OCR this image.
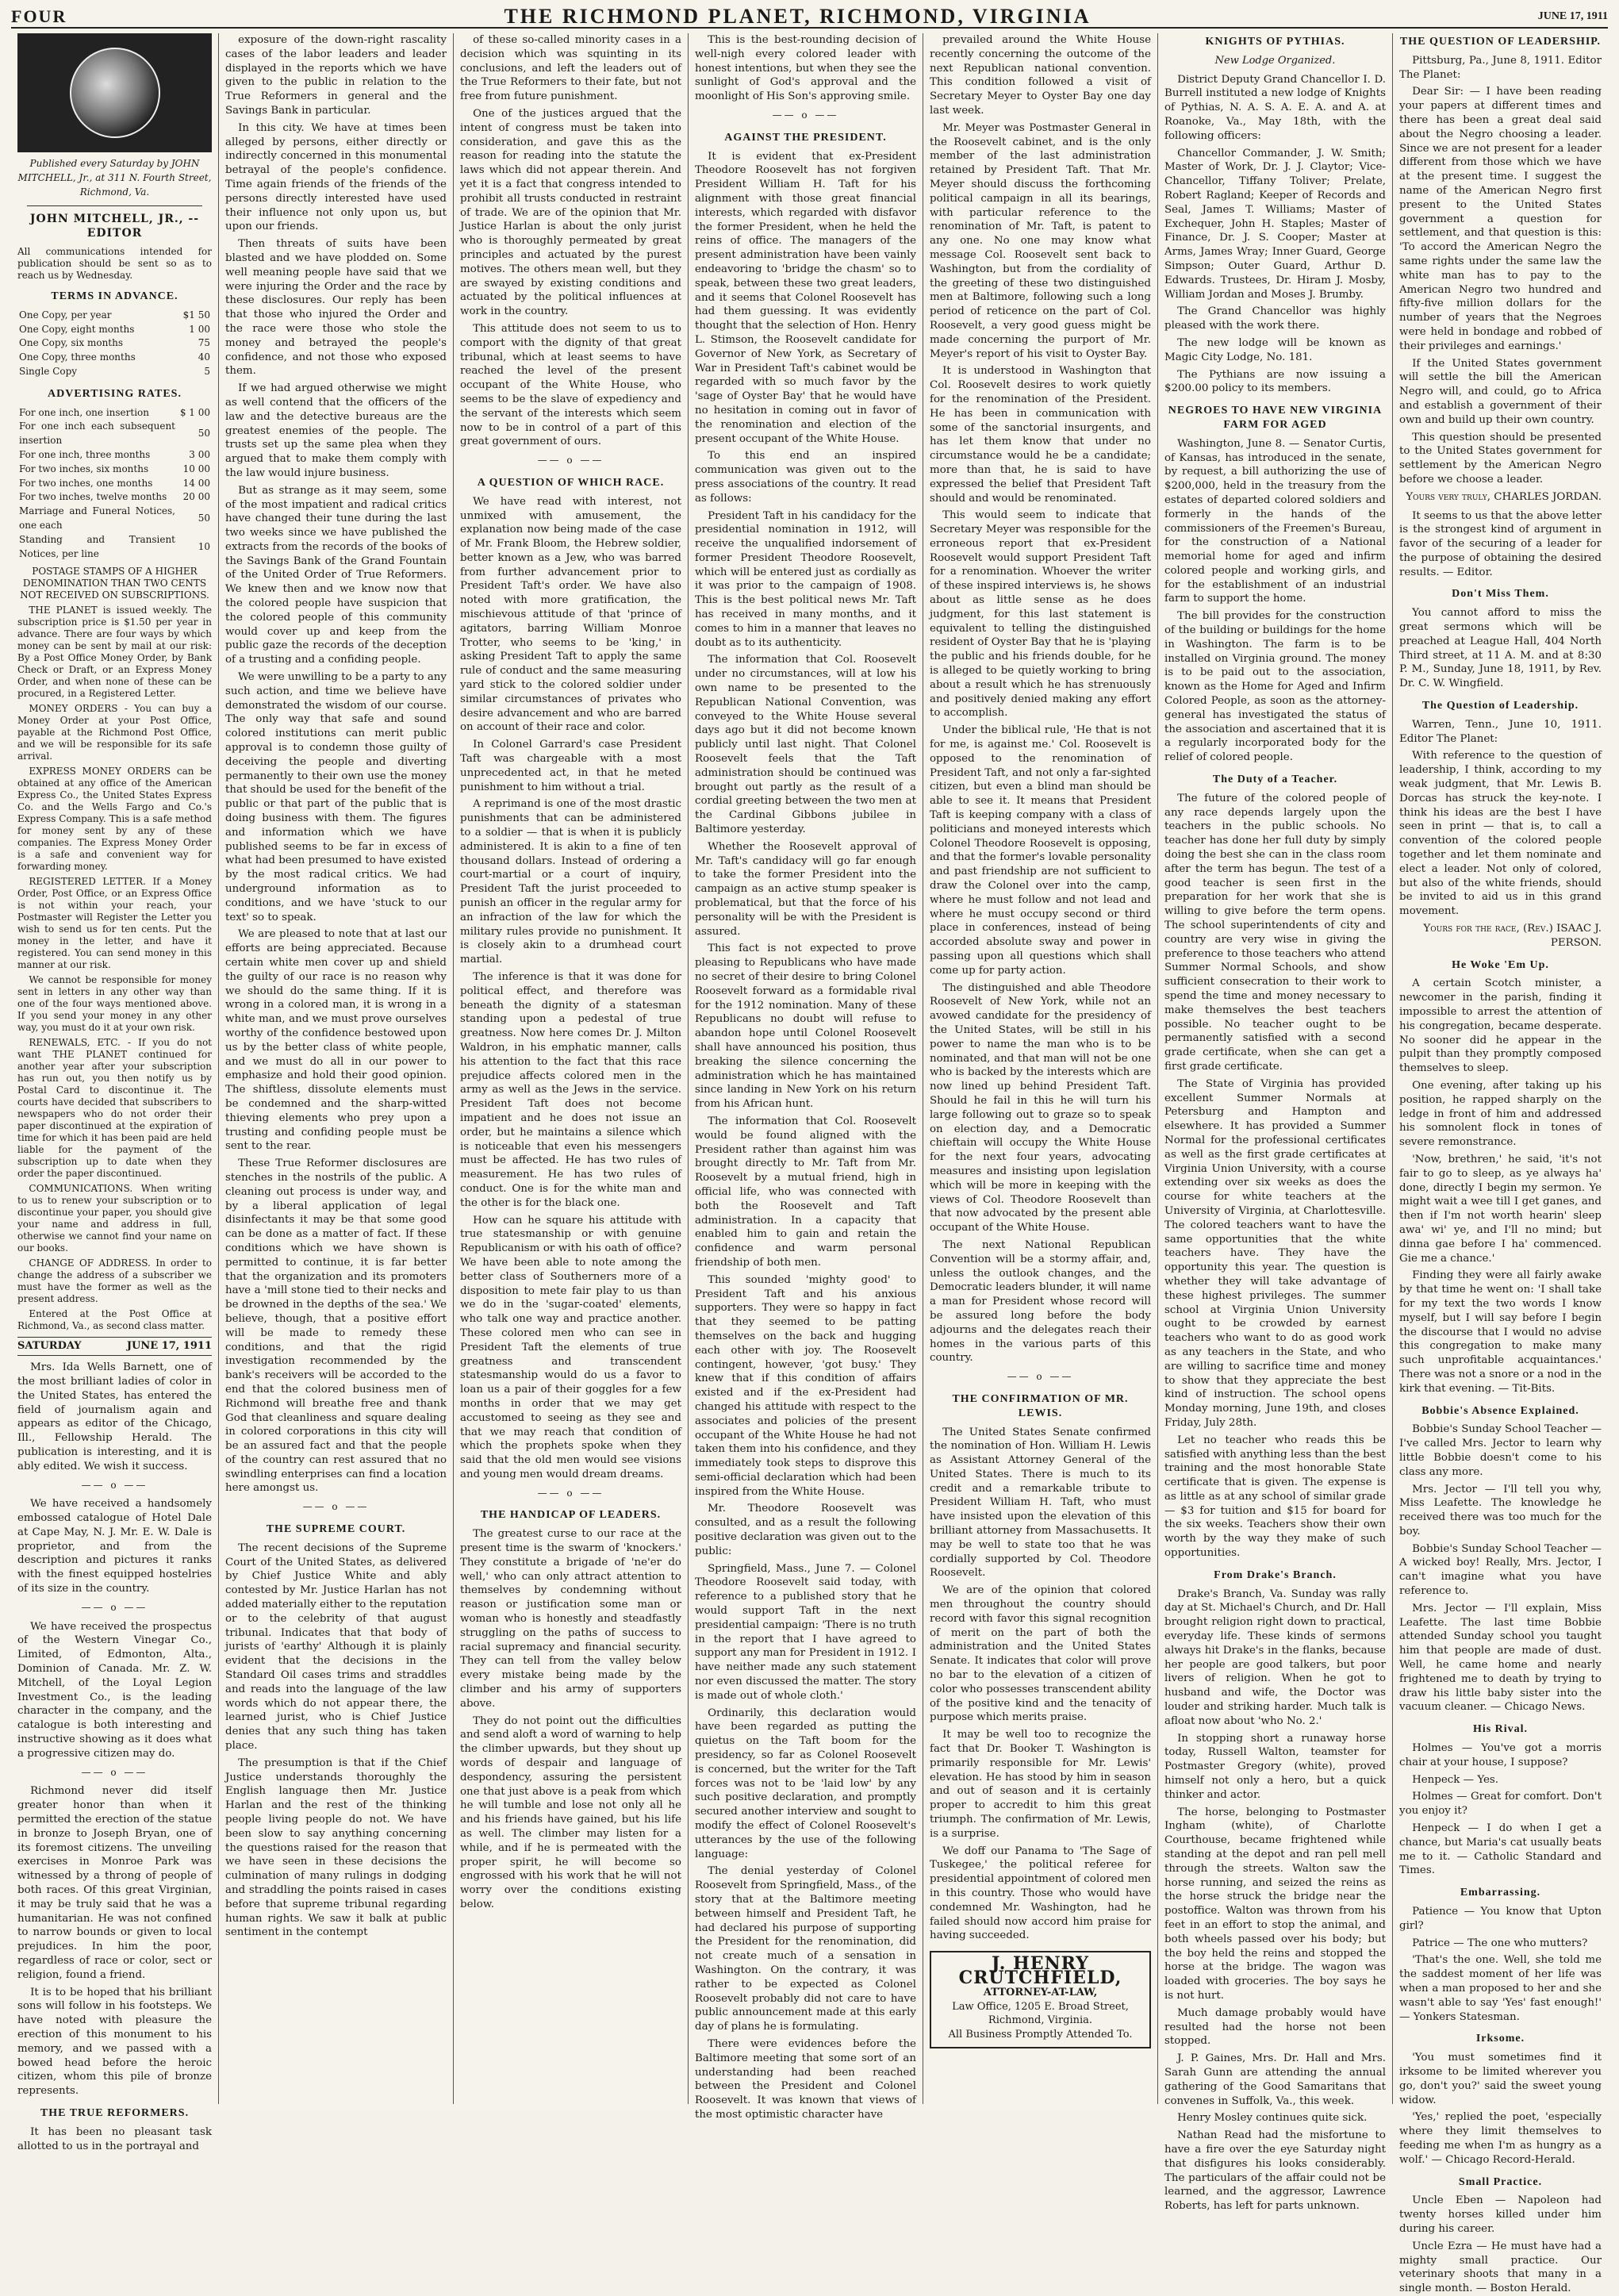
FOUR	THE RICHMOND PLANET, RICHMOND, VIRGINIA	JUNE 17, 1911
Published every Saturday by JOHN MITCHELL, Jr., at 311 N. Fourth Street, Richmond, Va.
JOHN MITCHELL, JR., -- EDITOR
All communications intended for publication should be sent so as to reach us by Wednesday.
TERMS IN ADVANCE.
One Copy, per year	$1 50
One Copy, eight months	1 00
One Copy, six months	75
One Copy, three months	40
Single Copy	5
ADVERTISING RATES.
For one inch, one insertion	$ 1 00
For one inch each subsequent insertion	50
For one inch, three months	3 00
For two inches, six months	10 00
For two inches, one months	14 00
For two inches, twelve months	20 00
Marriage and Funeral Notices, one each	50
Standing and Transient Notices, per line	10

POSTAGE STAMPS OF A HIGHER DENOMINATION THAN TWO CENTS NOT RECEIVED ON SUBSCRIPTIONS.

THE PLANET is issued weekly. The subscription price is $1.50 per year in advance. There are four ways by which money can be sent by mail at our risk: By a Post Office Money Order, by Bank Check or Draft, or an Express Money Order, and when none of these can be procured, in a Registered Letter.

MONEY ORDERS - You can buy a Money Order at your Post Office, payable at the Richmond Post Office, and we will be responsible for its safe arrival.

EXPRESS MONEY ORDERS can be obtained at any office of the American Express Co., the United States Express Co. and the Wells Fargo and Co.'s Express Company. This is a safe method for money sent by any of these companies. The Express Money Order is a safe and convenient way for forwarding money.

REGISTERED LETTER. If a Money Order, Post Office, or an Express Office is not within your reach, your Postmaster will Register the Letter you wish to send us for ten cents. Put the money in the letter, and have it registered. You can send money in this manner at our risk.

We cannot be responsible for money sent in letters in any other way than one of the four ways mentioned above. If you send your money in any other way, you must do it at your own risk.

RENEWALS, ETC. - If you do not want THE PLANET continued for another year after your subscription has run out, you then notify us by Postal Card to discontinue it. The courts have decided that subscribers to newspapers who do not order their paper discontinued at the expiration of time for which it has been paid are held liable for the payment of the subscription up to date when they order the paper discontinued.

COMMUNICATIONS. When writing to us to renew your subscription or to discontinue your paper, you should give your name and address in full, otherwise we cannot find your name on our books.

CHANGE OF ADDRESS. In order to change the address of a subscriber we must have the former as well as the present address.

Entered at the Post Office at Richmond, Va., as second class matter.

SATURDAY	JUNE 17, 1911

Mrs. Ida Wells Barnett, one of the most brilliant ladies of color in the United States, has entered the field of journalism again and appears as editor of the Chicago, Ill., Fellowship Herald. The publication is interesting, and it is ably edited. We wish it success.

—— o ——

We have received a handsomely embossed catalogue of Hotel Dale at Cape May, N. J. Mr. E. W. Dale is proprietor, and from the description and pictures it ranks with the finest equipped hostelries of its size in the country.

—— o ——

We have received the prospectus of the Western Vinegar Co., Limited, of Edmonton, Alta., Dominion of Canada. Mr. Z. W. Mitchell, of the Loyal Legion Investment Co., is the leading character in the company, and the catalogue is both interesting and instructive showing as it does what a progressive citizen may do.

—— o ——

Richmond never did itself greater honor than when it permitted the erection of the statue in bronze to Joseph Bryan, one of its foremost citizens. The unveiling exercises in Monroe Park was witnessed by a throng of people of both races. Of this great Virginian, it may be truly said that he was a humanitarian. He was not confined to narrow bounds or given to local prejudices. In him the poor, regardless of race or color, sect or religion, found a friend.

It is to be hoped that his brilliant sons will follow in his footsteps. We have noted with pleasure the erection of this monument to his memory, and we passed with a bowed head before the heroic citizen, whom this pile of bronze represents.

THE TRUE REFORMERS.

It has been no pleasant task allotted to us in the portrayal and

exposure of the down-right rascality cases of the labor leaders and leader displayed in the reports which we have given to the public in relation to the True Reformers in general and the Savings Bank in particular.

In this city. We have at times been alleged by persons, either directly or indirectly concerned in this monumental betrayal of the people's confidence. Time again friends of the friends of the persons directly interested have used their influence not only upon us, but upon our friends.

Then threats of suits have been blasted and we have plodded on. Some well meaning people have said that we were injuring the Order and the race by these disclosures. Our reply has been that those who injured the Order and the race were those who stole the money and betrayed the people's confidence, and not those who exposed them.

If we had argued otherwise we might as well contend that the officers of the law and the detective bureaus are the greatest enemies of the people. The trusts set up the same plea when they argued that to make them comply with the law would injure business.

But as strange as it may seem, some of the most impatient and radical critics have changed their tune during the last two weeks since we have published the extracts from the records of the books of the Savings Bank of the Grand Fountain of the United Order of True Reformers. We knew then and we know now that the colored people have suspicion that the colored people of this community would cover up and keep from the public gaze the records of the deception of a trusting and a confiding people.

We were unwilling to be a party to any such action, and time we believe have demonstrated the wisdom of our course. The only way that safe and sound colored institutions can merit public approval is to condemn those guilty of deceiving the people and diverting permanently to their own use the money that should be used for the benefit of the public or that part of the public that is doing business with them. The figures and information which we have published seems to be far in excess of what had been presumed to have existed by the most radical critics. We had underground information as to conditions, and we have 'stuck to our text' so to speak.

We are pleased to note that at last our efforts are being appreciated. Because certain white men cover up and shield the guilty of our race is no reason why we should do the same thing. If it is wrong in a colored man, it is wrong in a white man, and we must prove ourselves worthy of the confidence bestowed upon us by the better class of white people, and we must do all in our power to emphasize and hold their good opinion. The shiftless, dissolute elements must be condemned and the sharp-witted thieving elements who prey upon a trusting and confiding people must be sent to the rear.

These True Reformer disclosures are stenches in the nostrils of the public. A cleaning out process is under way, and by a liberal application of legal disinfectants it may be that some good can be done as a matter of fact. If these conditions which we have shown is permitted to continue, it is far better that the organization and its promoters have a 'mill stone tied to their necks and be drowned in the depths of the sea.' We believe, though, that a positive effort will be made to remedy these conditions, and that the rigid investigation recommended by the bank's receivers will be accorded to the end that the colored business men of Richmond will breathe free and thank God that cleanliness and square dealing in colored corporations in this city will be an assured fact and that the people of the country can rest assured that no swindling enterprises can find a location here amongst us.

—— o ——
THE SUPREME COURT.

The recent decisions of the Supreme Court of the United States, as delivered by Chief Justice White and ably contested by Mr. Justice Harlan has not added materially either to the reputation or to the celebrity of that august tribunal. Indicates that that body of jurists of 'earthy' Although it is plainly evident that the decisions in the Standard Oil cases trims and straddles and reads into the language of the law words which do not appear there, the learned jurist, who is Chief Justice denies that any such thing has taken place.

The presumption is that if the Chief Justice understands thoroughly the English language then Mr. Justice Harlan and the rest of the thinking people living people do not. We have been slow to say anything concerning the questions raised for the reason that we have seen in these decisions the culmination of many rulings in dodging and straddling the points raised in cases before that supreme tribunal regarding human rights. We saw it balk at public sentiment in the contempt

of these so-called minority cases in a decision which was squinting in its conclusions, and left the leaders out of the True Reformers to their fate, but not free from future punishment.

One of the justices argued that the intent of congress must be taken into consideration, and gave this as the reason for reading into the statute the laws which did not appear therein. And yet it is a fact that congress intended to prohibit all trusts conducted in restraint of trade. We are of the opinion that Mr. Justice Harlan is about the only jurist who is thoroughly permeated by great principles and actuated by the purest motives. The others mean well, but they are swayed by existing conditions and actuated by the political influences at work in the country.

This attitude does not seem to us to comport with the dignity of that great tribunal, which at least seems to have reached the level of the present occupant of the White House, who seems to be the slave of expediency and the servant of the interests which seem now to be in control of a part of this great government of ours.

—— o ——
A QUESTION OF WHICH RACE.

We have read with interest, not unmixed with amusement, the explanation now being made of the case of Mr. Frank Bloom, the Hebrew soldier, better known as a Jew, who was barred from further advancement prior to President Taft's order. We have also noted with more gratification, the mischievous attitude of that 'prince of agitators, barring William Monroe Trotter, who seems to be 'king,' in asking President Taft to apply the same rule of conduct and the same measuring yard stick to the colored soldier under similar circumstances of privates who desire advancement and who are barred on account of their race and color.

In Colonel Garrard's case President Taft was chargeable with a most unprecedented act, in that he meted punishment to him without a trial.

A reprimand is one of the most drastic punishments that can be administered to a soldier — that is when it is publicly administered. It is akin to a fine of ten thousand dollars. Instead of ordering a court-martial or a court of inquiry, President Taft the jurist proceeded to punish an officer in the regular army for an infraction of the law for which the military rules provide no punishment. It is closely akin to a drumhead court martial.

The inference is that it was done for political effect, and therefore was beneath the dignity of a statesman standing upon a pedestal of true greatness. Now here comes Dr. J. Milton Waldron, in his emphatic manner, calls his attention to the fact that this race prejudice affects colored men in the army as well as the Jews in the service. President Taft does not become impatient and he does not issue an order, but he maintains a silence which is noticeable that even his messengers must be affected. He has two rules of measurement. He has two rules of conduct. One is for the white man and the other is for the black one.

How can he square his attitude with true statesmanship or with genuine Republicanism or with his oath of office? We have been able to note among the better class of Southerners more of a disposition to mete fair play to us than we do in the 'sugar-coated' elements, who talk one way and practice another. These colored men who can see in President Taft the elements of true greatness and transcendent statesmanship would do us a favor to loan us a pair of their goggles for a few months in order that we may get accustomed to seeing as they see and that we may reach that condition of which the prophets spoke when they said that the old men would see visions and young men would dream dreams.

—— o ——
THE HANDICAP OF LEADERS.

The greatest curse to our race at the present time is the swarm of 'knockers.' They constitute a brigade of 'ne'er do well,' who can only attract attention to themselves by condemning without reason or justification some man or woman who is honestly and steadfastly struggling on the paths of success to racial supremacy and financial security. They can tell from the valley below every mistake being made by the climber and his army of supporters above.

They do not point out the difficulties and send aloft a word of warning to help the climber upwards, but they shout up words of despair and language of despondency, assuring the persistent one that just above is a peak from which he will tumble and lose not only all he and his friends have gained, but his life as well. The climber may listen for a while, and if he is permeated with the proper spirit, he will become so engrossed with his work that he will not worry over the conditions existing below.

This is the best-rounding decision of well-nigh every colored leader with honest intentions, but when they see the sunlight of God's approval and the moonlight of His Son's approving smile.

—— o ——
AGAINST THE PRESIDENT.

It is evident that ex-President Theodore Roosevelt has not forgiven President William H. Taft for his alignment with those great financial interests, which regarded with disfavor the former President, when he held the reins of office. The managers of the present administration have been vainly endeavoring to 'bridge the chasm' so to speak, between these two great leaders, and it seems that Colonel Roosevelt has had them guessing. It was evidently thought that the selection of Hon. Henry L. Stimson, the Roosevelt candidate for Governor of New York, as Secretary of War in President Taft's cabinet would be regarded with so much favor by the 'sage of Oyster Bay' that he would have no hesitation in coming out in favor of the renomination and election of the present occupant of the White House.

To this end an inspired communication was given out to the press associations of the country. It read as follows:

President Taft in his candidacy for the presidential nomination in 1912, will receive the unqualified indorsement of former President Theodore Roosevelt, which will be entered just as cordially as it was prior to the campaign of 1908. This is the best political news Mr. Taft has received in many months, and it comes to him in a manner that leaves no doubt as to its authenticity.

The information that Col. Roosevelt under no circumstances, will at low his own name to be presented to the Republican National Convention, was conveyed to the White House several days ago but it did not become known publicly until last night. That Colonel Roosevelt feels that the Taft administration should be continued was brought out partly as the result of a cordial greeting between the two men at the Cardinal Gibbons jubilee in Baltimore yesterday.

Whether the Roosevelt approval of Mr. Taft's candidacy will go far enough to take the former President into the campaign as an active stump speaker is problematical, but that the force of his personality will be with the President is assured.

This fact is not expected to prove pleasing to Republicans who have made no secret of their desire to bring Colonel Roosevelt forward as a formidable rival for the 1912 nomination. Many of these Republicans no doubt will refuse to abandon hope until Colonel Roosevelt shall have announced his position, thus breaking the silence concerning the administration which he has maintained since landing in New York on his return from his African hunt.

The information that Col. Roosevelt would be found aligned with the President rather than against him was brought directly to Mr. Taft from Mr. Roosevelt by a mutual friend, high in official life, who was connected with both the Roosevelt and Taft administration. In a capacity that enabled him to gain and retain the confidence and warm personal friendship of both men.

This sounded 'mighty good' to President Taft and his anxious supporters. They were so happy in fact that they seemed to be patting themselves on the back and hugging each other with joy. The Roosevelt contingent, however, 'got busy.' They knew that if this condition of affairs existed and if the ex-President had changed his attitude with respect to the associates and policies of the present occupant of the White House he had not taken them into his confidence, and they immediately took steps to disprove this semi-official declaration which had been inspired from the White House.

Mr. Theodore Roosevelt was consulted, and as a result the following positive declaration was given out to the public:

Springfield, Mass., June 7. — Colonel Theodore Roosevelt said today, with reference to a published story that he would support Taft in the next presidential campaign: 'There is no truth in the report that I have agreed to support any man for President in 1912. I have neither made any such statement nor even discussed the matter. The story is made out of whole cloth.'

Ordinarily, this declaration would have been regarded as putting the quietus on the Taft boom for the presidency, so far as Colonel Roosevelt is concerned, but the writer for the Taft forces was not to be 'laid low' by any such positive declaration, and promptly secured another interview and sought to modify the effect of Colonel Roosevelt's utterances by the use of the following language:

The denial yesterday of Colonel Roosevelt from Springfield, Mass., of the story that at the Baltimore meeting between himself and President Taft, he had declared his purpose of supporting the President for the renomination, did not create much of a sensation in Washington. On the contrary, it was rather to be expected as Colonel Roosevelt probably did not care to have public announcement made at this early day of plans he is formulating.

There were evidences before the Baltimore meeting that some sort of an understanding had been reached between the President and Colonel Roosevelt. It was known that views of the most optimistic character have

prevailed around the White House recently concerning the outcome of the next Republican national convention. This condition followed a visit of Secretary Meyer to Oyster Bay one day last week.

Mr. Meyer was Postmaster General in the Roosevelt cabinet, and is the only member of the last administration retained by President Taft. That Mr. Meyer should discuss the forthcoming political campaign in all its bearings, with particular reference to the renomination of Mr. Taft, is patent to any one. No one may know what message Col. Roosevelt sent back to Washington, but from the cordiality of the greeting of these two distinguished men at Baltimore, following such a long period of reticence on the part of Col. Roosevelt, a very good guess might be made concerning the purport of Mr. Meyer's report of his visit to Oyster Bay.

It is understood in Washington that Col. Roosevelt desires to work quietly for the renomination of the President. He has been in communication with some of the sanctorial insurgents, and has let them know that under no circumstance would he be a candidate; more than that, he is said to have expressed the belief that President Taft should and would be renominated.

This would seem to indicate that Secretary Meyer was responsible for the erroneous report that ex-President Roosevelt would support President Taft for a renomination. Whoever the writer of these inspired interviews is, he shows about as little sense as he does judgment, for this last statement is equivalent to telling the distinguished resident of Oyster Bay that he is 'playing the public and his friends double, for he is alleged to be quietly working to bring about a result which he has strenuously and positively denied making any effort to accomplish.

Under the biblical rule, 'He that is not for me, is against me.' Col. Roosevelt is opposed to the renomination of President Taft, and not only a far-sighted citizen, but even a blind man should be able to see it. It means that President Taft is keeping company with a class of politicians and moneyed interests which Colonel Theodore Roosevelt is opposing, and that the former's lovable personality and past friendship are not sufficient to draw the Colonel over into the camp, where he must follow and not lead and where he must occupy second or third place in conferences, instead of being accorded absolute sway and power in passing upon all questions which shall come up for party action.

The distinguished and able Theodore Roosevelt of New York, while not an avowed candidate for the presidency of the United States, will be still in his power to name the man who is to be nominated, and that man will not be one who is backed by the interests which are now lined up behind President Taft. Should he fail in this he will turn his large following out to graze so to speak on election day, and a Democratic chieftain will occupy the White House for the next four years, advocating measures and insisting upon legislation which will be more in keeping with the views of Col. Theodore Roosevelt than that now advocated by the present able occupant of the White House.

The next National Republican Convention will be a stormy affair, and, unless the outlook changes, and the Democratic leaders blunder, it will name a man for President whose record will be assured long before the body adjourns and the delegates reach their homes in the various parts of this country.

—— o ——
THE CONFIRMATION OF MR. LEWIS.

The United States Senate confirmed the nomination of Hon. William H. Lewis as Assistant Attorney General of the United States. There is much to its credit and a remarkable tribute to President William H. Taft, who must have insisted upon the elevation of this brilliant attorney from Massachusetts. It may be well to state too that he was cordially supported by Col. Theodore Roosevelt.

We are of the opinion that colored men throughout the country should record with favor this signal recognition of merit on the part of both the administration and the United States Senate. It indicates that color will prove no bar to the elevation of a citizen of color who possesses transcendent ability of the positive kind and the tenacity of purpose which merits praise.

It may be well too to recognize the fact that Dr. Booker T. Washington is primarily responsible for Mr. Lewis' elevation. He has stood by him in season and out of season and it is certainly proper to accredit to him this great triumph. The confirmation of Mr. Lewis, is a surprise.

We doff our Panama to 'The Sage of Tuskegee,' the political referee for presidential appointment of colored men in this country. Those who would have condemned Mr. Washington, had he failed should now accord him praise for having succeeded.

J. HENRY CRUTCHFIELD,
ATTORNEY-AT-LAW,
Law Office, 1205 E. Broad Street,
Richmond, Virginia.
All Business Promptly Attended To.
KNIGHTS OF PYTHIAS.
New Lodge Organized.

District Deputy Grand Chancellor I. D. Burrell instituted a new lodge of Knights of Pythias, N. A. S. A. E. A. and A. at Roanoke, Va., May 18th, with the following officers:

Chancellor Commander, J. W. Smith; Master of Work, Dr. J. J. Claytor; Vice-Chancellor, Tiffany Toliver; Prelate, Robert Ragland; Keeper of Records and Seal, James T. Williams; Master of Exchequer, John H. Staples; Master of Finance, Dr. J. S. Cooper; Master at Arms, James Wray; Inner Guard, George Simpson; Outer Guard, Arthur D. Edwards. Trustees, Dr. Hiram J. Mosby, William Jordan and Moses J. Brumby.

The Grand Chancellor was highly pleased with the work there.

The new lodge will be known as Magic City Lodge, No. 181.

The Pythians are now issuing a $200.00 policy to its members.

NEGROES TO HAVE NEW VIRGINIA FARM FOR AGED

Washington, June 8. — Senator Curtis, of Kansas, has introduced in the senate, by request, a bill authorizing the use of $200,000, held in the treasury from the estates of departed colored soldiers and formerly in the hands of the commissioners of the Freemen's Bureau, for the construction of a National memorial home for aged and infirm colored people and working girls, and for the establishment of an industrial farm to support the home.

The bill provides for the construction of the building or buildings for the home in Washington. The farm is to be installed on Virginia ground. The money is to be paid out to the association, known as the Home for Aged and Infirm Colored People, as soon as the attorney-general has investigated the status of the association and ascertained that it is a regularly incorporated body for the relief of colored people.

The Duty of a Teacher.

The future of the colored people of any race depends largely upon the teachers in the public schools. No teacher has done her full duty by simply doing the best she can in the class room after the term has begun. The test of a good teacher is seen first in the preparation for her work that she is willing to give before the term opens. The school superintendents of city and country are very wise in giving the preference to those teachers who attend Summer Normal Schools, and show sufficient consecration to their work to spend the time and money necessary to make themselves the best teachers possible. No teacher ought to be permanently satisfied with a second grade certificate, when she can get a first grade certificate.

The State of Virginia has provided excellent Summer Normals at Petersburg and Hampton and elsewhere. It has provided a Summer Normal for the professional certificates as well as the first grade certificates at Virginia Union University, with a course extending over six weeks as does the course for white teachers at the University of Virginia, at Charlottesville. The colored teachers want to have the same opportunities that the white teachers have. They have the opportunity this year. The question is whether they will take advantage of these highest privileges. The summer school at Virginia Union University ought to be crowded by earnest teachers who want to do as good work as any teachers in the State, and who are willing to sacrifice time and money to show that they appreciate the best kind of instruction. The school opens Monday morning, June 19th, and closes Friday, July 28th.

Let no teacher who reads this be satisfied with anything less than the best training and the most honorable State certificate that is given. The expense is as little as at any school of similar grade — $3 for tuition and $15 for board for the six weeks. Teachers show their own worth by the way they make of such opportunities.

From Drake's Branch.

Drake's Branch, Va. Sunday was rally day at St. Michael's Church, and Dr. Hall brought religion right down to practical, everyday life. These kinds of sermons always hit Drake's in the flanks, because her people are good talkers, but poor livers of religion. When he got to husband and wife, the Doctor was louder and striking harder. Much talk is afloat now about 'who No. 2.'

In stopping short a runaway horse today, Russell Walton, teamster for Postmaster Gregory (white), proved himself not only a hero, but a quick thinker and actor.

The horse, belonging to Postmaster Ingham (white), of Charlotte Courthouse, became frightened while standing at the depot and ran pell mell through the streets. Walton saw the horse running, and seized the reins as the horse struck the bridge near the postoffice. Walton was thrown from his feet in an effort to stop the animal, and both wheels passed over his body; but the boy held the reins and stopped the horse at the bridge. The wagon was loaded with groceries. The boy says he is not hurt.

Much damage probably would have resulted had the horse not been stopped.

J. P. Gaines, Mrs. Dr. Hall and Mrs. Sarah Gunn are attending the annual gathering of the Good Samaritans that convenes in Suffolk, Va., this week.

Henry Mosley continues quite sick.

Nathan Read had the misfortune to have a fire over the eye Saturday night that disfigures his looks considerably. The particulars of the affair could not be learned, and the aggressor, Lawrence Roberts, has left for parts unknown.

THE QUESTION OF LEADERSHIP.

Pittsburg, Pa., June 8, 1911. Editor The Planet:

Dear Sir: — I have been reading your papers at different times and there has been a great deal said about the Negro choosing a leader. Since we are not present for a leader different from those which we have at the present time. I suggest the name of the American Negro first present to the United States government a question for settlement, and that question is this: 'To accord the American Negro the same rights under the same law the white man has to pay to the American Negro two hundred and fifty-five million dollars for the number of years that the Negroes were held in bondage and robbed of their privileges and earnings.'

If the United States government will settle the bill the American Negro will, and could, go to Africa and establish a government of their own and build up their own country.

This question should be presented to the United States government for settlement by the American Negro before we choose a leader.

Yours very truly, CHARLES JORDAN.

It seems to us that the above letter is the strongest kind of argument in favor of the securing of a leader for the purpose of obtaining the desired results. — Editor.

Don't Miss Them.

You cannot afford to miss the great sermons which will be preached at League Hall, 404 North Third street, at 11 A. M. and at 8:30 P. M., Sunday, June 18, 1911, by Rev. Dr. C. W. Wingfield.

The Question of Leadership.

Warren, Tenn., June 10, 1911. Editor The Planet:

With reference to the question of leadership, I think, according to my weak judgment, that Mr. Lewis B. Dorcas has struck the key-note. I think his ideas are the best I have seen in print — that is, to call a convention of the colored people together and let them nominate and elect a leader. Not only of colored, but also of the white friends, should be invited to aid us in this grand movement.

Yours for the race, (Rev.) ISAAC J. PERSON.
He Woke 'Em Up.

A certain Scotch minister, a newcomer in the parish, finding it impossible to arrest the attention of his congregation, became desperate. No sooner did he appear in the pulpit than they promptly composed themselves to sleep.

One evening, after taking up his position, he rapped sharply on the ledge in front of him and addressed his somnolent flock in tones of severe remonstrance.

'Now, brethren,' he said, 'it's not fair to go to sleep, as ye always ha' done, directly I begin my sermon. Ye might wait a wee till I get ganes, and then if I'm not worth hearin' sleep awa' wi' ye, and I'll no mind; but dinna gae before I ha' commenced. Gie me a chance.'

Finding they were all fairly awake by that time he went on: 'I shall take for my text the two words I know myself, but I will say before I begin the discourse that I would no advise this congregation to make many such unprofitable acquaintances.' There was not a snore or a nod in the kirk that evening. — Tit-Bits.

Bobbie's Absence Explained.

Bobbie's Sunday School Teacher — I've called Mrs. Jector to learn why little Bobbie doesn't come to his class any more.

Mrs. Jector — I'll tell you why, Miss Leafette. The knowledge he received there was too much for the boy.

Bobbie's Sunday School Teacher — A wicked boy! Really, Mrs. Jector, I can't imagine what you have reference to.

Mrs. Jector — I'll explain, Miss Leafette. The last time Bobbie attended Sunday school you taught him that people are made of dust. Well, he came home and nearly frightened me to death by trying to draw his little baby sister into the vacuum cleaner. — Chicago News.

His Rival.

Holmes — You've got a morris chair at your house, I suppose?

Henpeck — Yes.

Holmes — Great for comfort. Don't you enjoy it?

Henpeck — I do when I get a chance, but Maria's cat usually beats me to it. — Catholic Standard and Times.

Embarrassing.

Patience — You know that Upton girl?

Patrice — The one who mutters?

'That's the one. Well, she told me the saddest moment of her life was when a man proposed to her and she wasn't able to say 'Yes' fast enough!' — Yonkers Statesman.

Irksome.

'You must sometimes find it irksome to be limited wherever you go, don't you?' said the sweet young widow.

'Yes,' replied the poet, 'especially where they limit themselves to feeding me when I'm as hungry as a wolf.' — Chicago Record-Herald.

Small Practice.

Uncle Eben — Napoleon had twenty horses killed under him during his career.

Uncle Ezra — He must have had a mighty small practice. Our veterinary shoots that many in a single month. — Boston Herald.
